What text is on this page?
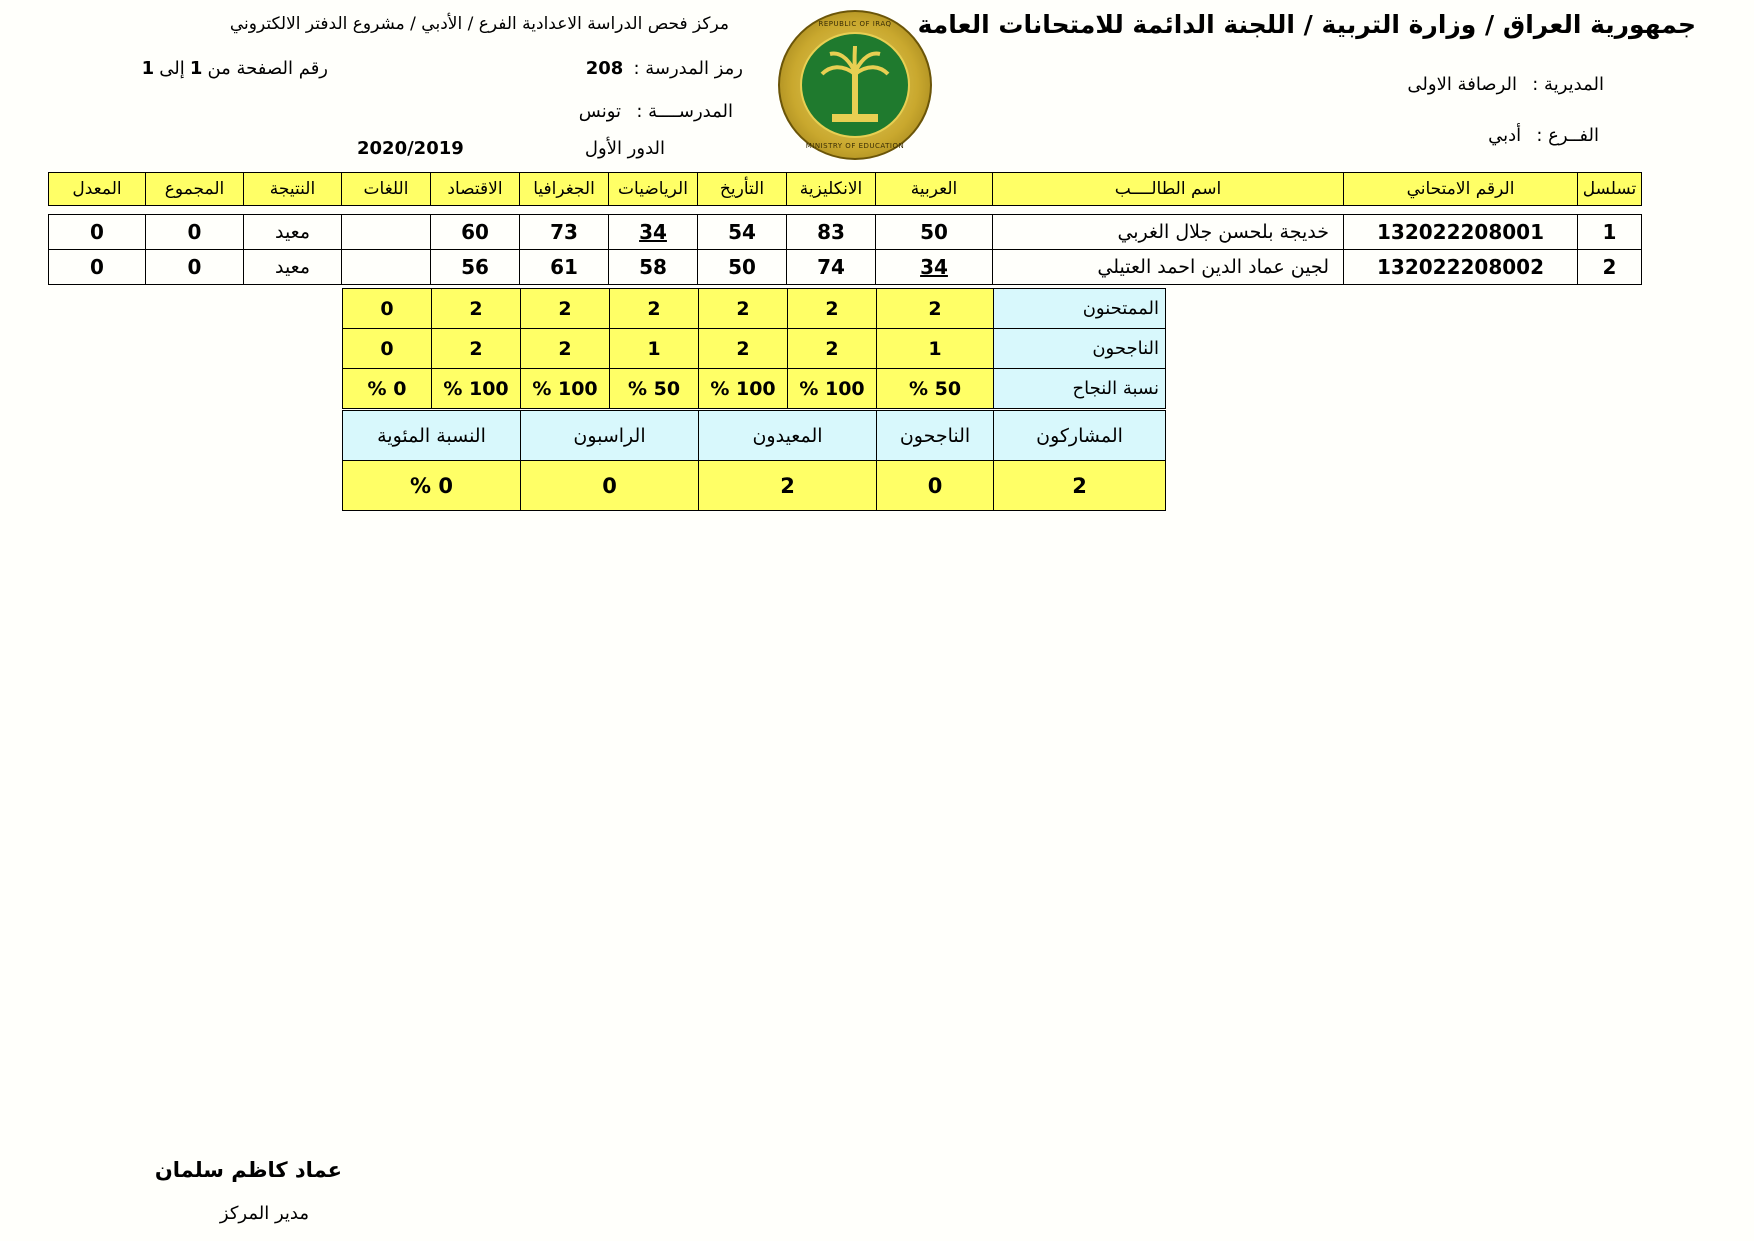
جمهورية العراق / وزارة التربية / اللجنة الدائمة للامتحانات العامة
مركز فحص الدراسة الاعدادية الفرع / الأدبي / مشروع الدفتر الالكتروني
رقم الصفحة من 1 إلى 1	رمز المدرسة :  208
المدرســــة :   تونس
الدور الأول
2020/2019
المديرية :   الرصافة الاولى
الفــرع :   أدبي
REPUBLIC OF IRAQ
MINISTRY OF EDUCATION
تسلسل	الرقم الامتحاني	اسم الطالــــب	العربية	الانكليزية	التأريخ	الرياضيات	الجغرافيا	الاقتصاد	اللغات	النتيجة	المجموع	المعدل
1	132022208001	خديجة بلحسن جلال الغربي	50	83	54	34	73	60		معيد	0	0
2	132022208002	لجين عماد الدين احمد العتيلي	34	74	50	58	61	56		معيد	0	0
الممتحنون	2	2	2	2	2	2	0
الناجحون	1	2	2	1	2	2	0
نسبة النجاح	50 %	100 %	100 %	50 %	100 %	100 %	0 %
المشاركون	الناجحون	المعيدون	الراسبون	النسبة المئوية
2	0	2	0	0 %
عماد كاظم سلمان
مدير المركز
